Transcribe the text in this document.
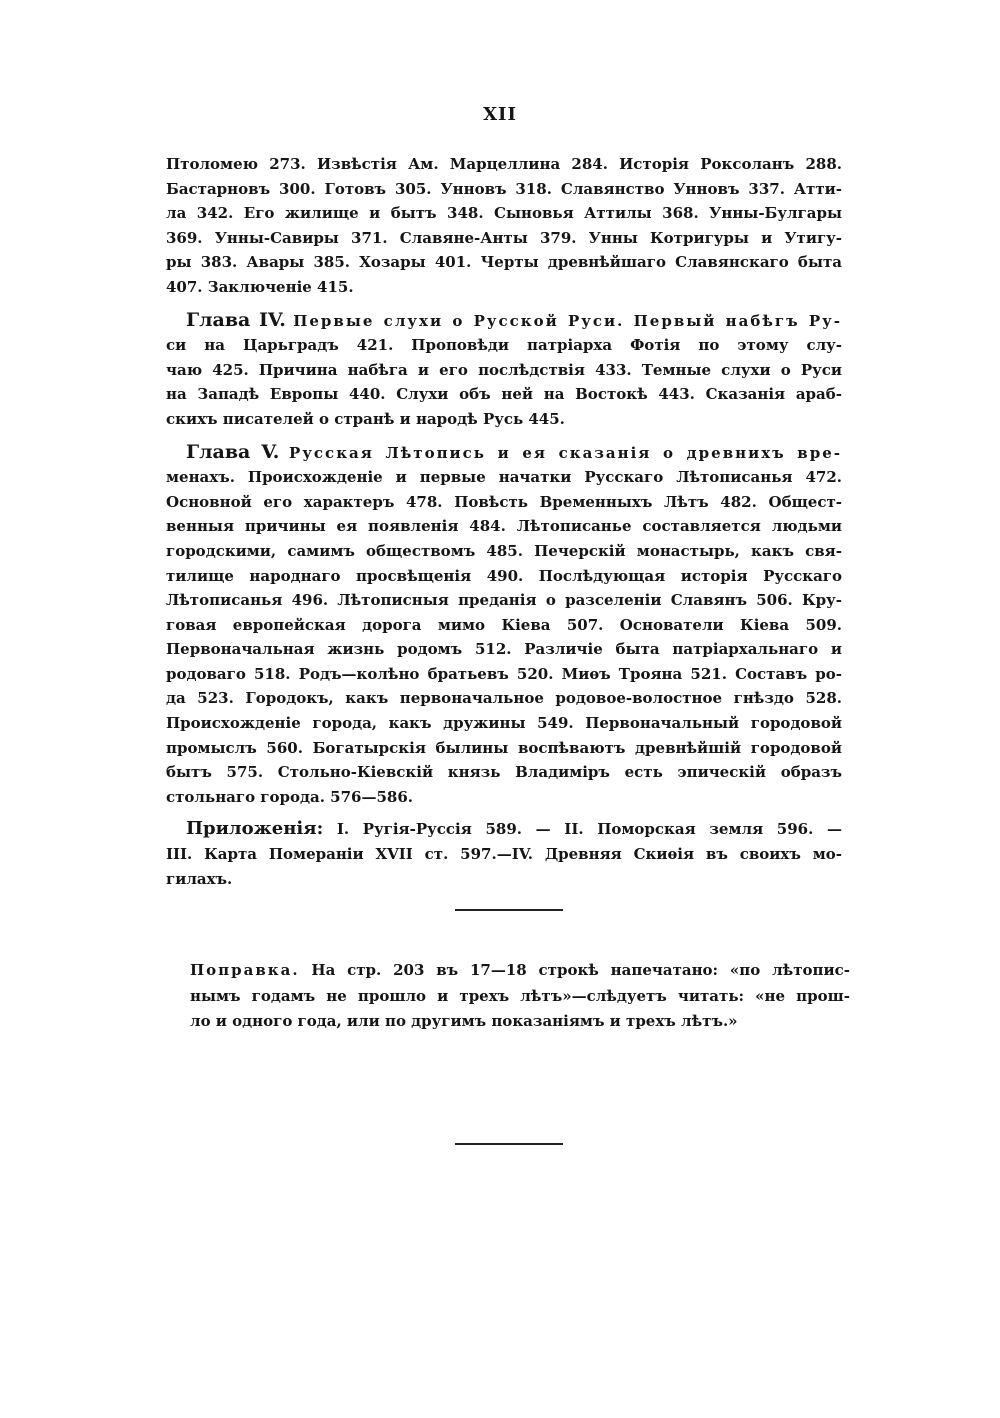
XII
Птоломею 273. Извѣстія Ам. Марцеллина 284. Исторія Роксоланъ 288.
Бастарновъ 300. Готовъ 305. Унновъ 318. Славянство Унновъ 337. Атти-
ла 342. Его жилище и бытъ 348. Сыновья Аттилы 368. Унны-Булгары
369. Унны-Савиры 371. Славяне-Анты 379. Унны Котригуры и Утигу-
ры 383. Авары 385. Хозары 401. Черты древнѣйшаго Славянскаго быта
407. Заключеніе 415.
Глава IV. Первые слухи о Русской Руси. Первый набѣгъ Ру-
си на Царьградъ 421. Проповѣди патріарха Фотія по этому слу-
чаю 425. Причина набѣга и его послѣдствія 433. Темные слухи о Руси
на Западѣ Европы 440. Слухи объ ней на Востокѣ 443. Сказанія араб-
скихъ писателей о странѣ и народѣ Русь 445.
Глава V. Русская Лѣтопись и ея сказанія о древнихъ вре-
менахъ. Происхожденіе и первые начатки Русскаго Лѣтописанья 472.
Основной его характеръ 478. Повѣсть Временныхъ Лѣтъ 482. Общест-
венныя причины ея появленія 484. Лѣтописанье составляется людьми
городскими, самимъ обществомъ 485. Печерскій монастырь, какъ свя-
тилище народнаго просвѣщенія 490. Послѣдующая исторія Русскаго
Лѣтописанья 496. Лѣтописныя преданія о разселеніи Славянъ 506. Кру-
говая европейская дорога мимо Кіева 507. Основатели Кіева 509.
Первоначальная жизнь родомъ 512. Различіе быта патріархальнаго и
родоваго 518. Родъ—колѣно братьевъ 520. Миѳъ Трояна 521. Составъ ро-
да 523. Городокъ, какъ первоначальное родовое-волостное гнѣздо 528.
Происхожденіе города, какъ дружины 549. Первоначальный городовой
промыслъ 560. Богатырскія былины воспѣваютъ древнѣйшій городовой
бытъ 575. Стольно-Кіевскій князь Владиміръ есть эпическій образъ
стольнаго города. 576—586.
Приложенія: I. Ругія-Руссія 589. — II. Поморская земля 596. —
III. Карта Помераніи XVII ст. 597.—IV. Древняя Скиѳія въ своихъ мо-
гилахъ.
Поправка. На стр. 203 въ 17—18 строкѣ напечатано: «по лѣтопис-
нымъ годамъ не прошло и трехъ лѣтъ»—слѣдуетъ читать: «не прош-
ло и одного года, или по другимъ показаніямъ и трехъ лѣтъ.»
